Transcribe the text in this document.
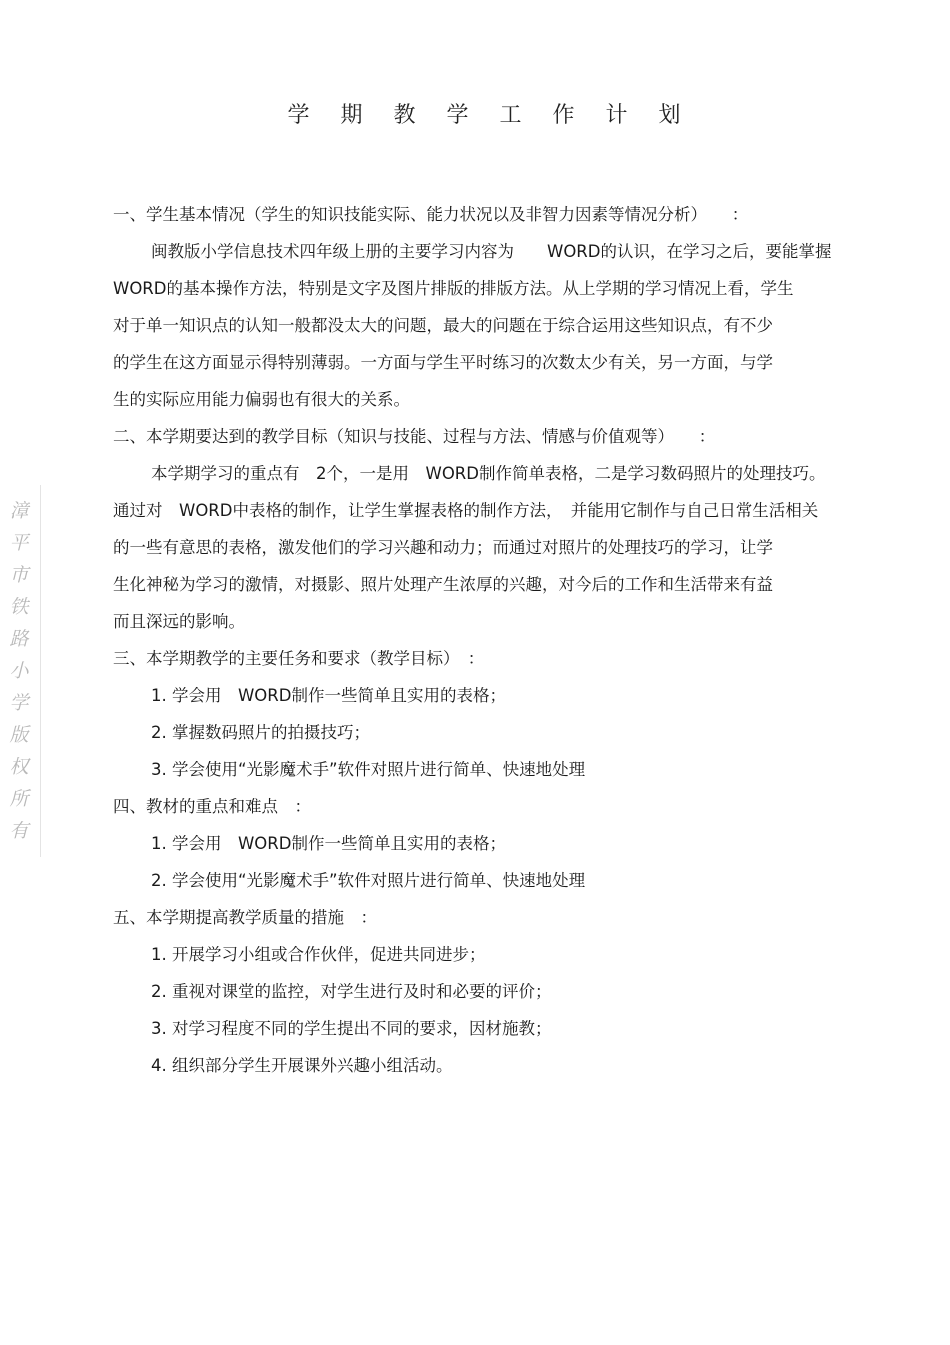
漳平市铁路小学版权所有
学 期 教 学 工 作 计 划
一、学生基本情况（学生的知识技能实际、能力状况以及非智力因素等情况分析）　　：
闽教版小学信息技术四年级上册的主要学习内容为　　WORD的认识，在学习之后，要能掌握
WORD的基本操作方法，特别是文字及图片排版的排版方法。从上学期的学习情况上看，学生
对于单一知识点的认知一般都没太大的问题，最大的问题在于综合运用这些知识点，有不少
的学生在这方面显示得特别薄弱。一方面与学生平时练习的次数太少有关，另一方面，与学
生的实际应用能力偏弱也有很大的关系。
二、本学期要达到的教学目标（知识与技能、过程与方法、情感与价值观等）　　：
本学期学习的重点有　2个，一是用　WORD制作简单表格，二是学习数码照片的处理技巧。
通过对　WORD中表格的制作，让学生掌握表格的制作方法，　并能用它制作与自己日常生活相关
的一些有意思的表格，激发他们的学习兴趣和动力；而通过对照片的处理技巧的学习，让学
生化神秘为学习的激情，对摄影、照片处理产生浓厚的兴趣，对今后的工作和生活带来有益
而且深远的影响。
三、本学期教学的主要任务和要求（教学目标）　：
1. 学会用　WORD制作一些简单且实用的表格；
2. 掌握数码照片的拍摄技巧；
3. 学会使用“光影魔术手”软件对照片进行简单、快速地处理
四、教材的重点和难点　：
1. 学会用　WORD制作一些简单且实用的表格；
2. 学会使用“光影魔术手”软件对照片进行简单、快速地处理
五、本学期提高教学质量的措施　：
1. 开展学习小组或合作伙伴，促进共同进步；
2. 重视对课堂的监控，对学生进行及时和必要的评价；
3. 对学习程度不同的学生提出不同的要求，因材施教；
4. 组织部分学生开展课外兴趣小组活动。
